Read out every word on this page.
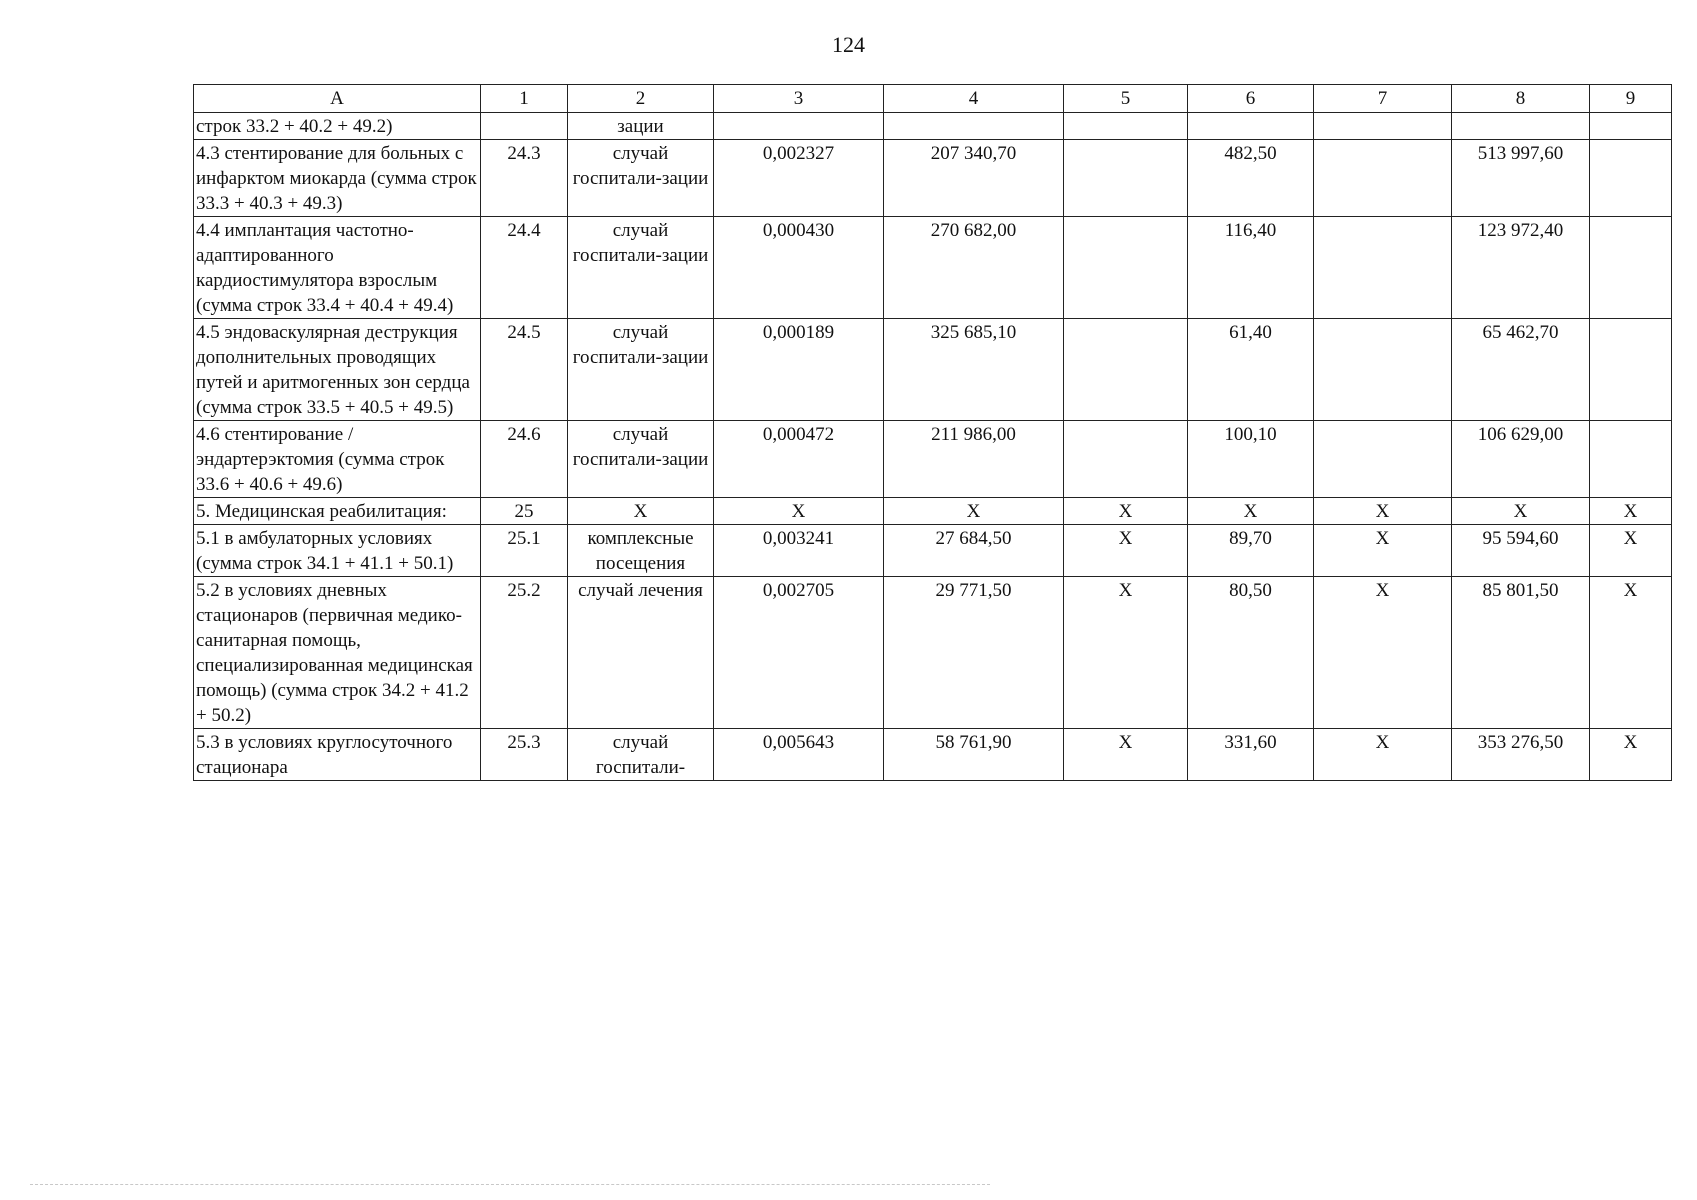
124
А	1	2	3	4	5	6	7	8	9
строк 33.2 + 40.2 + 49.2)		зации							
4.3 стентирование для больных с инфарктом миокарда (сумма строк 33.3 + 40.3 + 49.3)	24.3	случай госпитали-зации	0,002327	207 340,70		482,50		513 997,60	
4.4 имплантация частотно-адаптированного кардиостимулятора взрослым (сумма строк 33.4 + 40.4 + 49.4)	24.4	случай госпитали-зации	0,000430	270 682,00		116,40		123 972,40	
4.5 эндоваскулярная деструкция дополнительных проводящих путей и аритмогенных зон сердца (сумма строк 33.5 + 40.5 + 49.5)	24.5	случай госпитали-зации	0,000189	325 685,10		61,40		65 462,70	
4.6 стентирование / эндартерэктомия (сумма строк 33.6 + 40.6 + 49.6)	24.6	случай госпитали-зации	0,000472	211 986,00		100,10		106 629,00	
5. Медицинская реабилитация:	25	Х	Х	Х	Х	Х	Х	Х	Х
5.1 в амбулаторных условиях (сумма строк 34.1 + 41.1 + 50.1)	25.1	комплексные посещения	0,003241	27 684,50	Х	89,70	Х	95 594,60	Х
5.2 в условиях дневных стационаров (первичная медико-санитарная помощь, специализированная медицинская помощь) (сумма строк 34.2 + 41.2 + 50.2)	25.2	случай лечения	0,002705	29 771,50	Х	80,50	Х	85 801,50	Х
5.3 в условиях круглосуточного стационара	25.3	случай госпитали-	0,005643	58 761,90	Х	331,60	Х	353 276,50	Х
